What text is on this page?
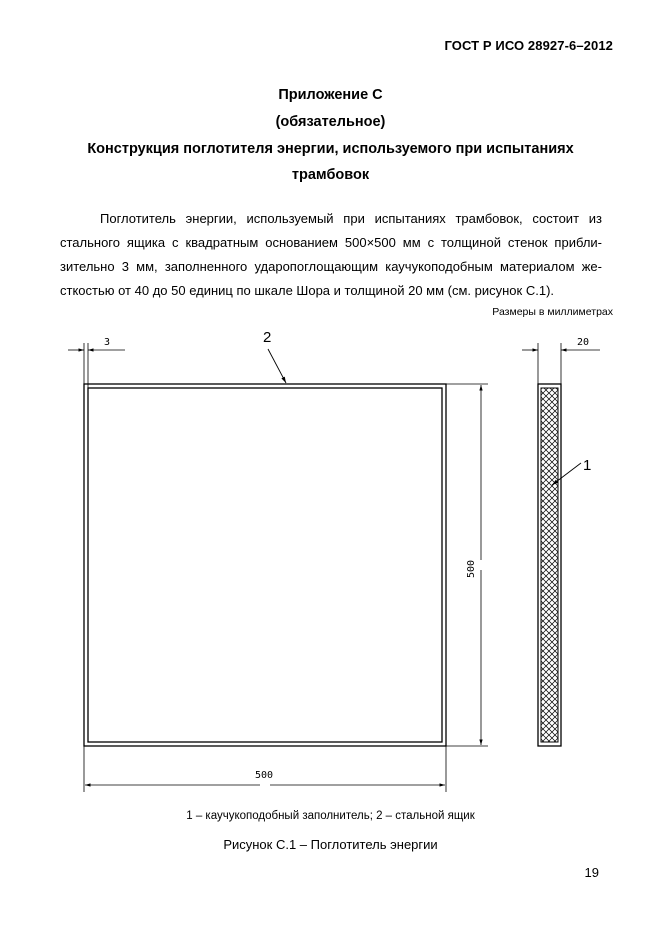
ГОСТ Р ИСО 28927-6–2012
Приложение С
(обязательное)
Конструкция поглотителя энергии, используемого при испытаниях
трамбовок
Поглотитель энергии, используемый при испытаниях трамбовок, состоит из
стального ящика с квадратным основанием 500×500 мм с толщиной стенок прибли-
зительно 3 мм, заполненного ударопоглощающим каучукоподобным материалом же-
сткостью от 40 до 50 единиц по шкале Шора и толщиной 20 мм (см. рисунок С.1).
Размеры в миллиметрах
3	2
500
500
20
1
1 – каучукоподобный заполнитель; 2 – стальной ящик
Рисунок С.1 – Поглотитель энергии
19
